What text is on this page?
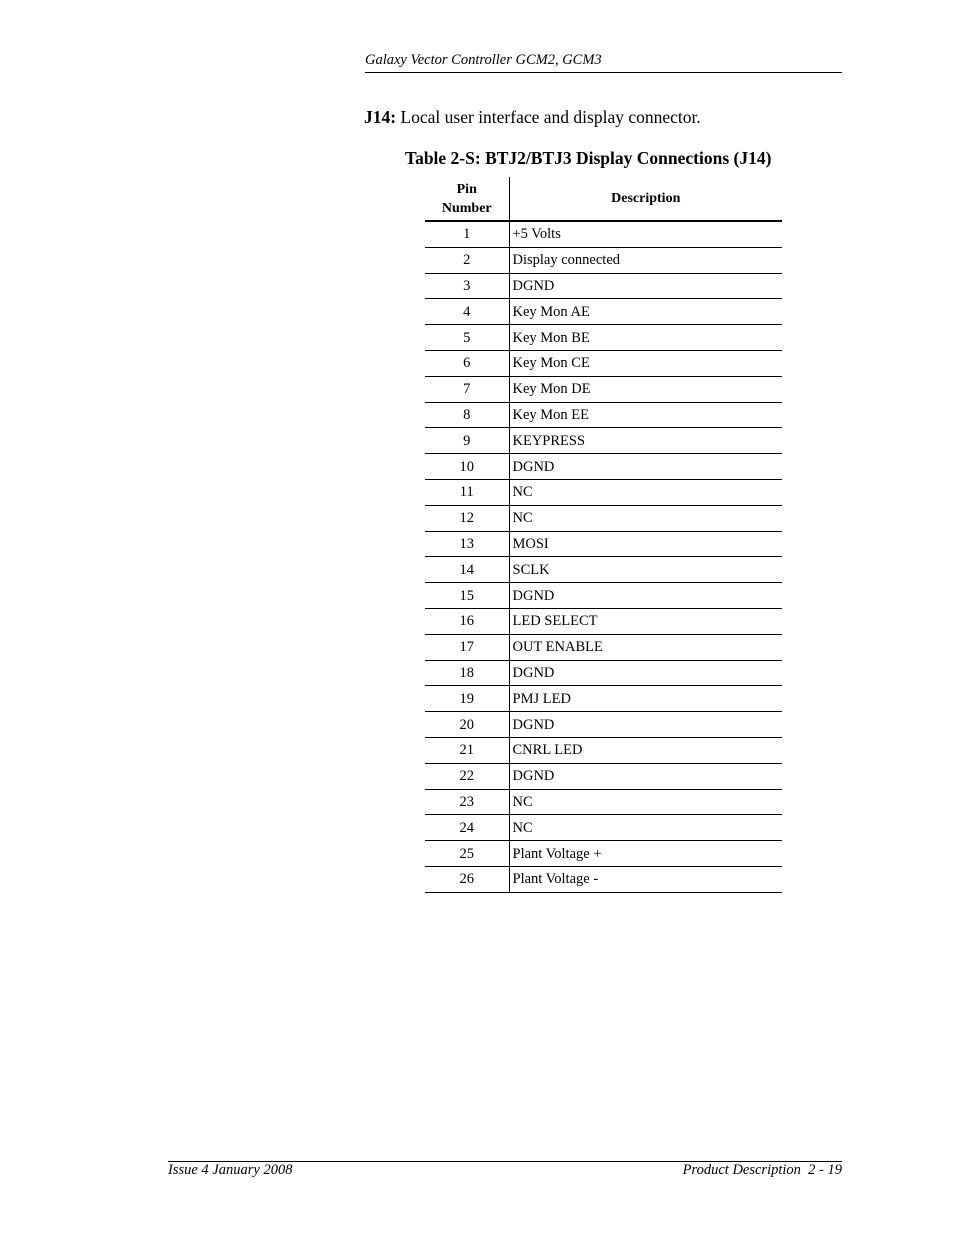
Galaxy Vector Controller GCM2, GCM3
J14: Local user interface and display connector.
Table 2-S: BTJ2/BTJ3 Display Connections (J14)
Pin
Number	Description
1	+5 Volts
2	Display connected
3	DGND
4	Key Mon AE
5	Key Mon BE
6	Key Mon CE
7	Key Mon DE
8	Key Mon EE
9	KEYPRESS
10	DGND
11	NC
12	NC
13	MOSI
14	SCLK
15	DGND
16	LED SELECT
17	OUT ENABLE
18	DGND
19	PMJ LED
20	DGND
21	CNRL LED
22	DGND
23	NC
24	NC
25	Plant Voltage +
26	Plant Voltage -
Issue 4 January 2008	Product Description  2 - 19
